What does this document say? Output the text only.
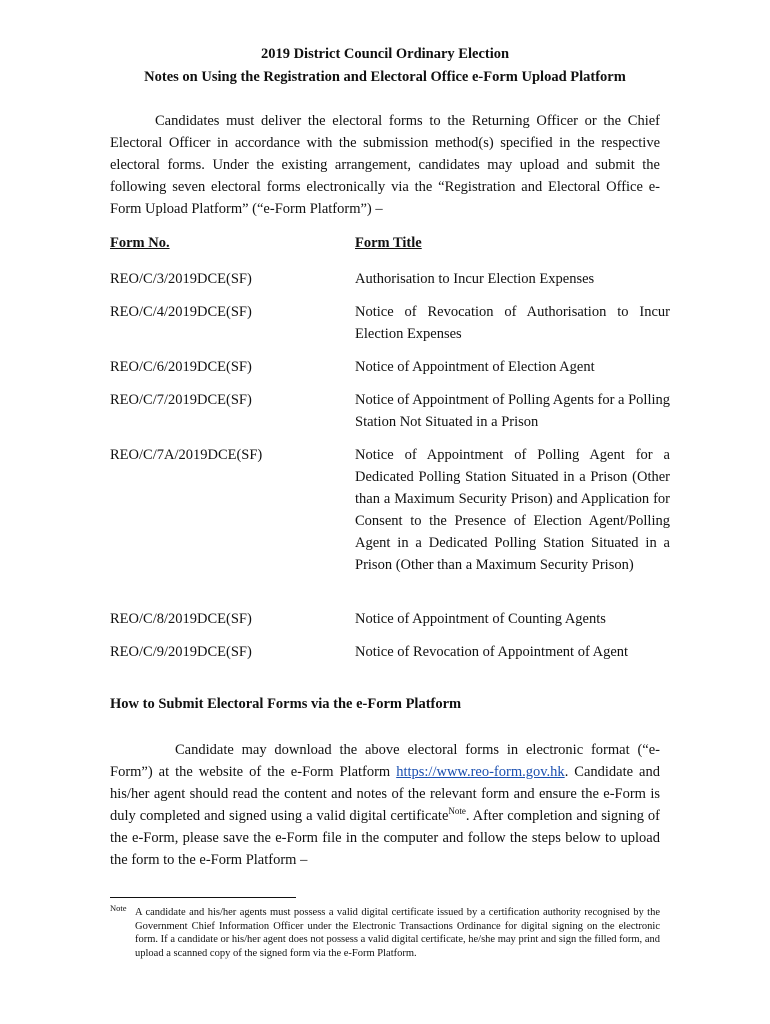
2019 District Council Ordinary Election
Notes on Using the Registration and Electoral Office e-Form Upload Platform

Candidates must deliver the electoral forms to the Returning Officer or the Chief Electoral Officer in accordance with the submission method(s) specified in the respective electoral forms. Under the existing arrangement, candidates may upload and submit the following seven electoral forms electronically via the “Registration and Electoral Office e-Form Upload Platform” (“e-Form Platform”) –

Form No.	Form Title
REO/C/3/2019DCE(SF)	Authorisation to Incur Election Expenses
REO/C/4/2019DCE(SF)	Notice of Revocation of Authorisation to Incur Election Expenses
REO/C/6/2019DCE(SF)	Notice of Appointment of Election Agent
REO/C/7/2019DCE(SF)	Notice of Appointment of Polling Agents for a Polling Station Not Situated in a Prison
REO/C/7A/2019DCE(SF)	Notice of Appointment of Polling Agent for a Dedicated Polling Station Situated in a Prison (Other than a Maximum Security Prison) and Application for Consent to the Presence of Election Agent/Polling Agent in a Dedicated Polling Station Situated in a Prison (Other than a Maximum Security Prison)
REO/C/8/2019DCE(SF)	Notice of Appointment of Counting Agents
REO/C/9/2019DCE(SF)	Notice of Revocation of Appointment of Agent
How to Submit Electoral Forms via the e-Form Platform

Candidate may download the above electoral forms in electronic format (“e-Form”) at the website of the e-Form Platform https://www.reo-form.gov.hk. Candidate and his/her agent should read the content and notes of the relevant form and ensure the e-Form is duly completed and signed using a valid digital certificate$^{Note}$. After completion and signing of the e-Form, please save the e-Form file in the computer and follow the steps below to upload the form to the e-Form Platform –

Note A candidate and his/her agents must possess a valid digital certificate issued by a certification authority recognised by the Government Chief Information Officer under the Electronic Transactions Ordinance for digital signing on the electronic form. If a candidate or his/her agent does not possess a valid digital certificate, he/she may print and sign the filled form, and upload a scanned copy of the signed form via the e-Form Platform.
